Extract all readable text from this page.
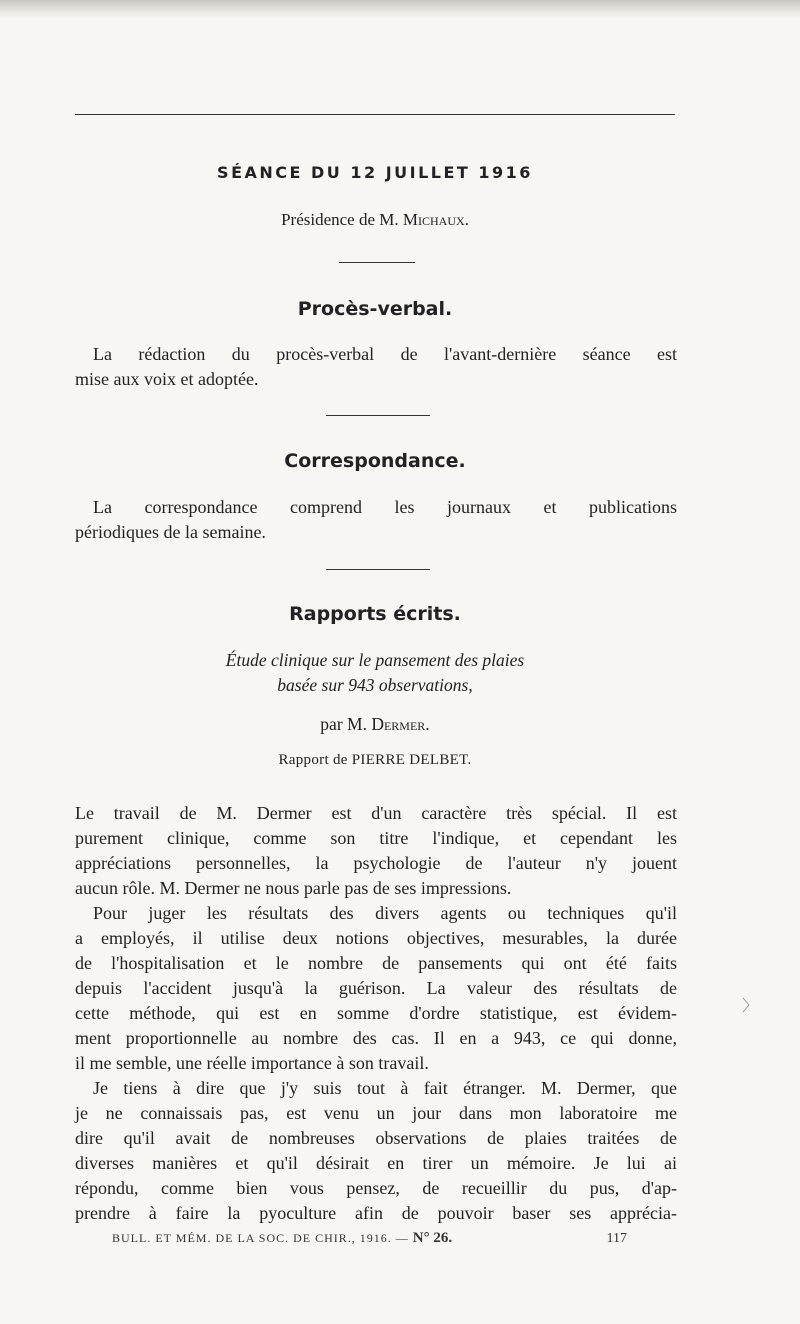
SÉANCE DU 12 JUILLET 1916
Présidence de M. Michaux.
Procès-verbal.
La rédaction du procès-verbal de l'avant-dernière séance est
mise aux voix et adoptée.
Correspondance.
La correspondance comprend les journaux et publications
périodiques de la semaine.
Rapports écrits.
Étude clinique sur le pansement des plaies
basée sur 943 observations,
par M. Dermer.
Rapport de PIERRE DELBET.
Le travail de M. Dermer est d'un caractère très spécial. Il est
purement clinique, comme son titre l'indique, et cependant les
appréciations personnelles, la psychologie de l'auteur n'y jouent
aucun rôle. M. Dermer ne nous parle pas de ses impressions.
Pour juger les résultats des divers agents ou techniques qu'il
a employés, il utilise deux notions objectives, mesurables, la durée
de l'hospitalisation et le nombre de pansements qui ont été faits
depuis l'accident jusqu'à la guérison. La valeur des résultats de
cette méthode, qui est en somme d'ordre statistique, est évidem-
ment proportionnelle au nombre des cas. Il en a 943, ce qui donne,
il me semble, une réelle importance à son travail.
Je tiens à dire que j'y suis tout à fait étranger. M. Dermer, que
je ne connaissais pas, est venu un jour dans mon laboratoire me
dire qu'il avait de nombreuses observations de plaies traitées de
diverses manières et qu'il désirait en tirer un mémoire. Je lui ai
répondu, comme bien vous pensez, de recueillir du pus, d'ap-
prendre à faire la pyoculture afin de pouvoir baser ses apprécia-
〉
BULL. ET MÉM. DE LA SOC. DE CHIR., 1916. — N° 26.	117
